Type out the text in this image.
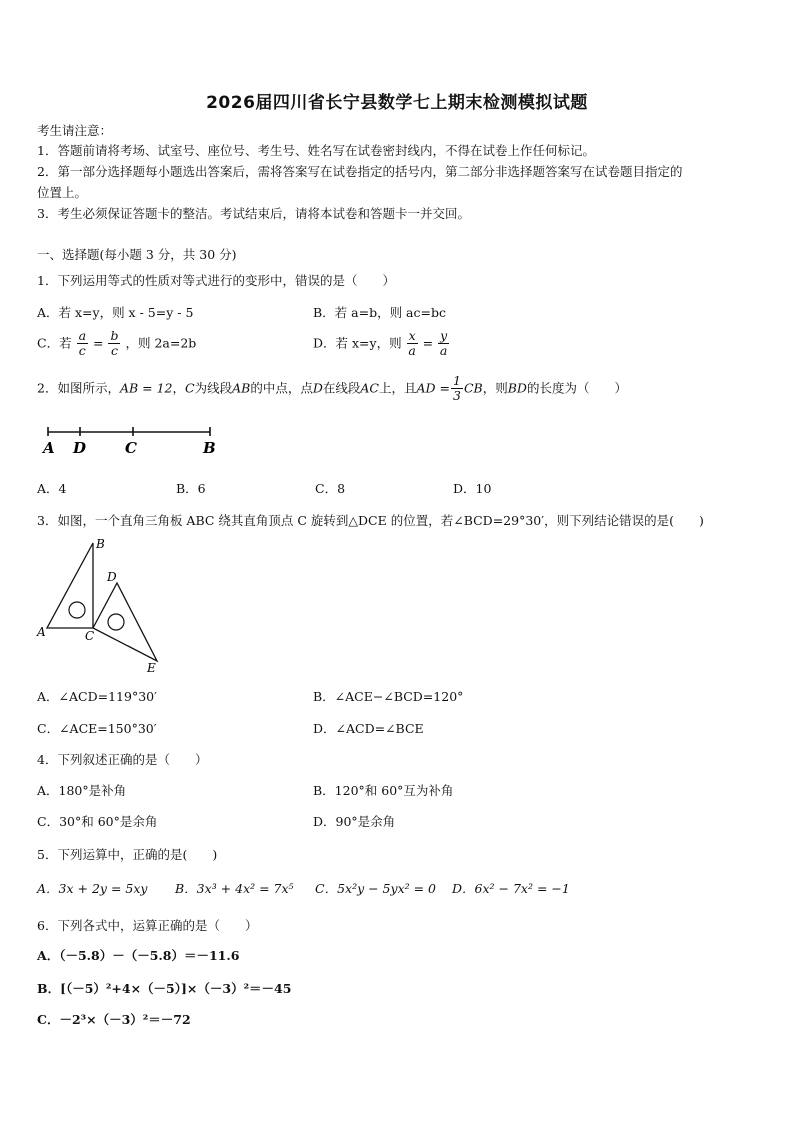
2026届四川省长宁县数学七上期末检测模拟试题
考生请注意：
1．答题前请将考场、试室号、座位号、考生号、姓名写在试卷密封线内，不得在试卷上作任何标记。
2．第一部分选择题每小题选出答案后，需将答案写在试卷指定的括号内，第二部分非选择题答案写在试卷题目指定的
位置上。
3．考生必须保证答题卡的整洁。考试结束后，请将本试卷和答题卡一并交回。
一、选择题(每小题 3 分，共 30 分)
1．下列运用等式的性质对等式进行的变形中，错误的是（　　）
A．若 x=y，则 x - 5=y - 5	B．若 a=b，则 ac=bc
C．若 $\frac{a}{c} = \frac{b}{c}$ ，则 2a=2b	D．若 x=y，则 $\frac{x}{a} = \frac{y}{a}$
2．如图所示，AB = 12，C为线段AB的中点，点D在线段AC上，且AD = $\frac{1}{3}$ CB，则BD的长度为（　　）
A D	C	B
A．4	B．6	C．8	D．10
3．如图，一个直角三角板 ABC 绕其直角顶点 C 旋转到△DCE 的位置，若∠BCD=29°30′，则下列结论错误的是(　　)
B
D
A	C
E
A．∠ACD=119°30′	B．∠ACE−∠BCD=120°
C．∠ACE=150°30′	D．∠ACD=∠BCE
4．下列叙述正确的是（　　）
A．180°是补角	B．120°和 60°互为补角
C．30°和 60°是余角	D．90°是余角
5．下列运算中，正确的是(　　)
A．3x + 2y = 5xy B．3x³ + 4x² = 7x⁵ C．5x²y − 5yx² = 0 D．6x² − 7x² = −1
6．下列各式中，运算正确的是（　　）
A．（－5.8）－（－5.8）＝－11.6
B．[（－5）²+4×（－5）]×（－3）²＝－45
C．－2³×（－3）²＝－72
